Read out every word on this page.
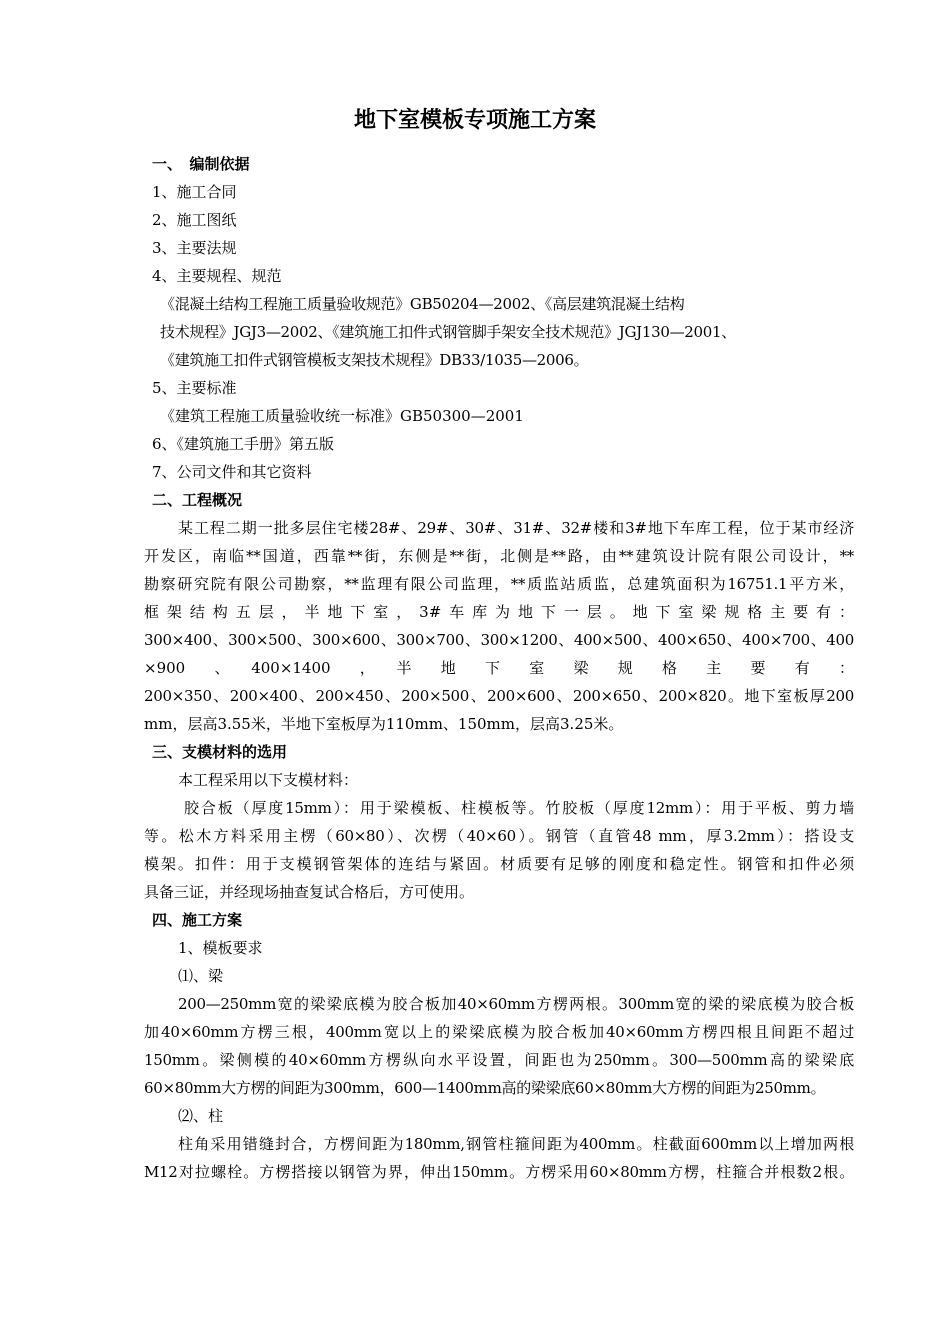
地下室模板专项施工方案

一、　编制依据

1、施工合同

2、施工图纸

3、主要法规

4、主要规程、规范

《混凝土结构工程施工质量验收规范》GB50204—2002、《高层建筑混凝土结构

技术规程》JGJ3—2002、《建筑施工扣件式钢管脚手架安全技术规范》JGJ130—2001、

《建筑施工扣件式钢管模板支架技术规程》DB33/1035—2006。

5、主要标准

《建筑工程施工质量验收统一标准》GB50300—2001

6、《建筑施工手册》第五版

7、公司文件和其它资料

二、工程概况

某工程二期一批多层住宅楼28#、29#、30#、31#、32#楼和3#地下车库工程，位于某市经济

开发区，南临**国道，西靠**街，东侧是**街，北侧是**路，由**建筑设计院有限公司设计，**

勘察研究院有限公司勘察，**监理有限公司监理，**质监站质监，总建筑面积为16751.1平方米，

框架结构五层，半地下室，3#车库为地下一层。地下室梁规格主要有：

300×400、300×500、300×600、300×700、300×1200、400×500、400×650、400×700、400

×900　、　400×1400　，　半　地　下　室　梁　规　格　主　要　有　：

200×350、200×400、200×450、200×500、200×600、200×650、200×820。地下室板厚200

mm，层高3.55米，半地下室板厚为110mm、150mm，层高3.25米。

三、支模材料的选用

本工程采用以下支模材料：

胶合板（厚度15mm）：用于梁模板、柱模板等。竹胶板（厚度12mm）：用于平板、剪力墙

等。松木方料采用主楞（60×80）、次楞（40×60）。钢管（直管48 mm，厚3.2mm）：搭设支

模架。扣件：用于支模钢管架体的连结与紧固。材质要有足够的刚度和稳定性。钢管和扣件必须

具备三证，并经现场抽查复试合格后，方可使用。

四、施工方案

1、模板要求

⑴、梁

200—250mm宽的梁梁底模为胶合板加40×60mm方楞两根。300mm宽的梁的梁底模为胶合板

加40×60mm方楞三根，400mm宽以上的梁梁底模为胶合板加40×60mm方楞四根且间距不超过

150mm。梁侧模的40×60mm方楞纵向水平设置，间距也为250mm。300—500mm高的梁梁底

60×80mm大方楞的间距为300mm，600—1400mm高的梁梁底60×80mm大方楞的间距为250mm。

⑵、柱

柱角采用错缝封合，方楞间距为180mm,钢管柱箍间距为400mm。柱截面600mm以上增加两根

M12对拉螺栓。方楞搭接以钢管为界，伸出150mm。方楞采用60×80mm方楞，柱箍合并根数2根。
